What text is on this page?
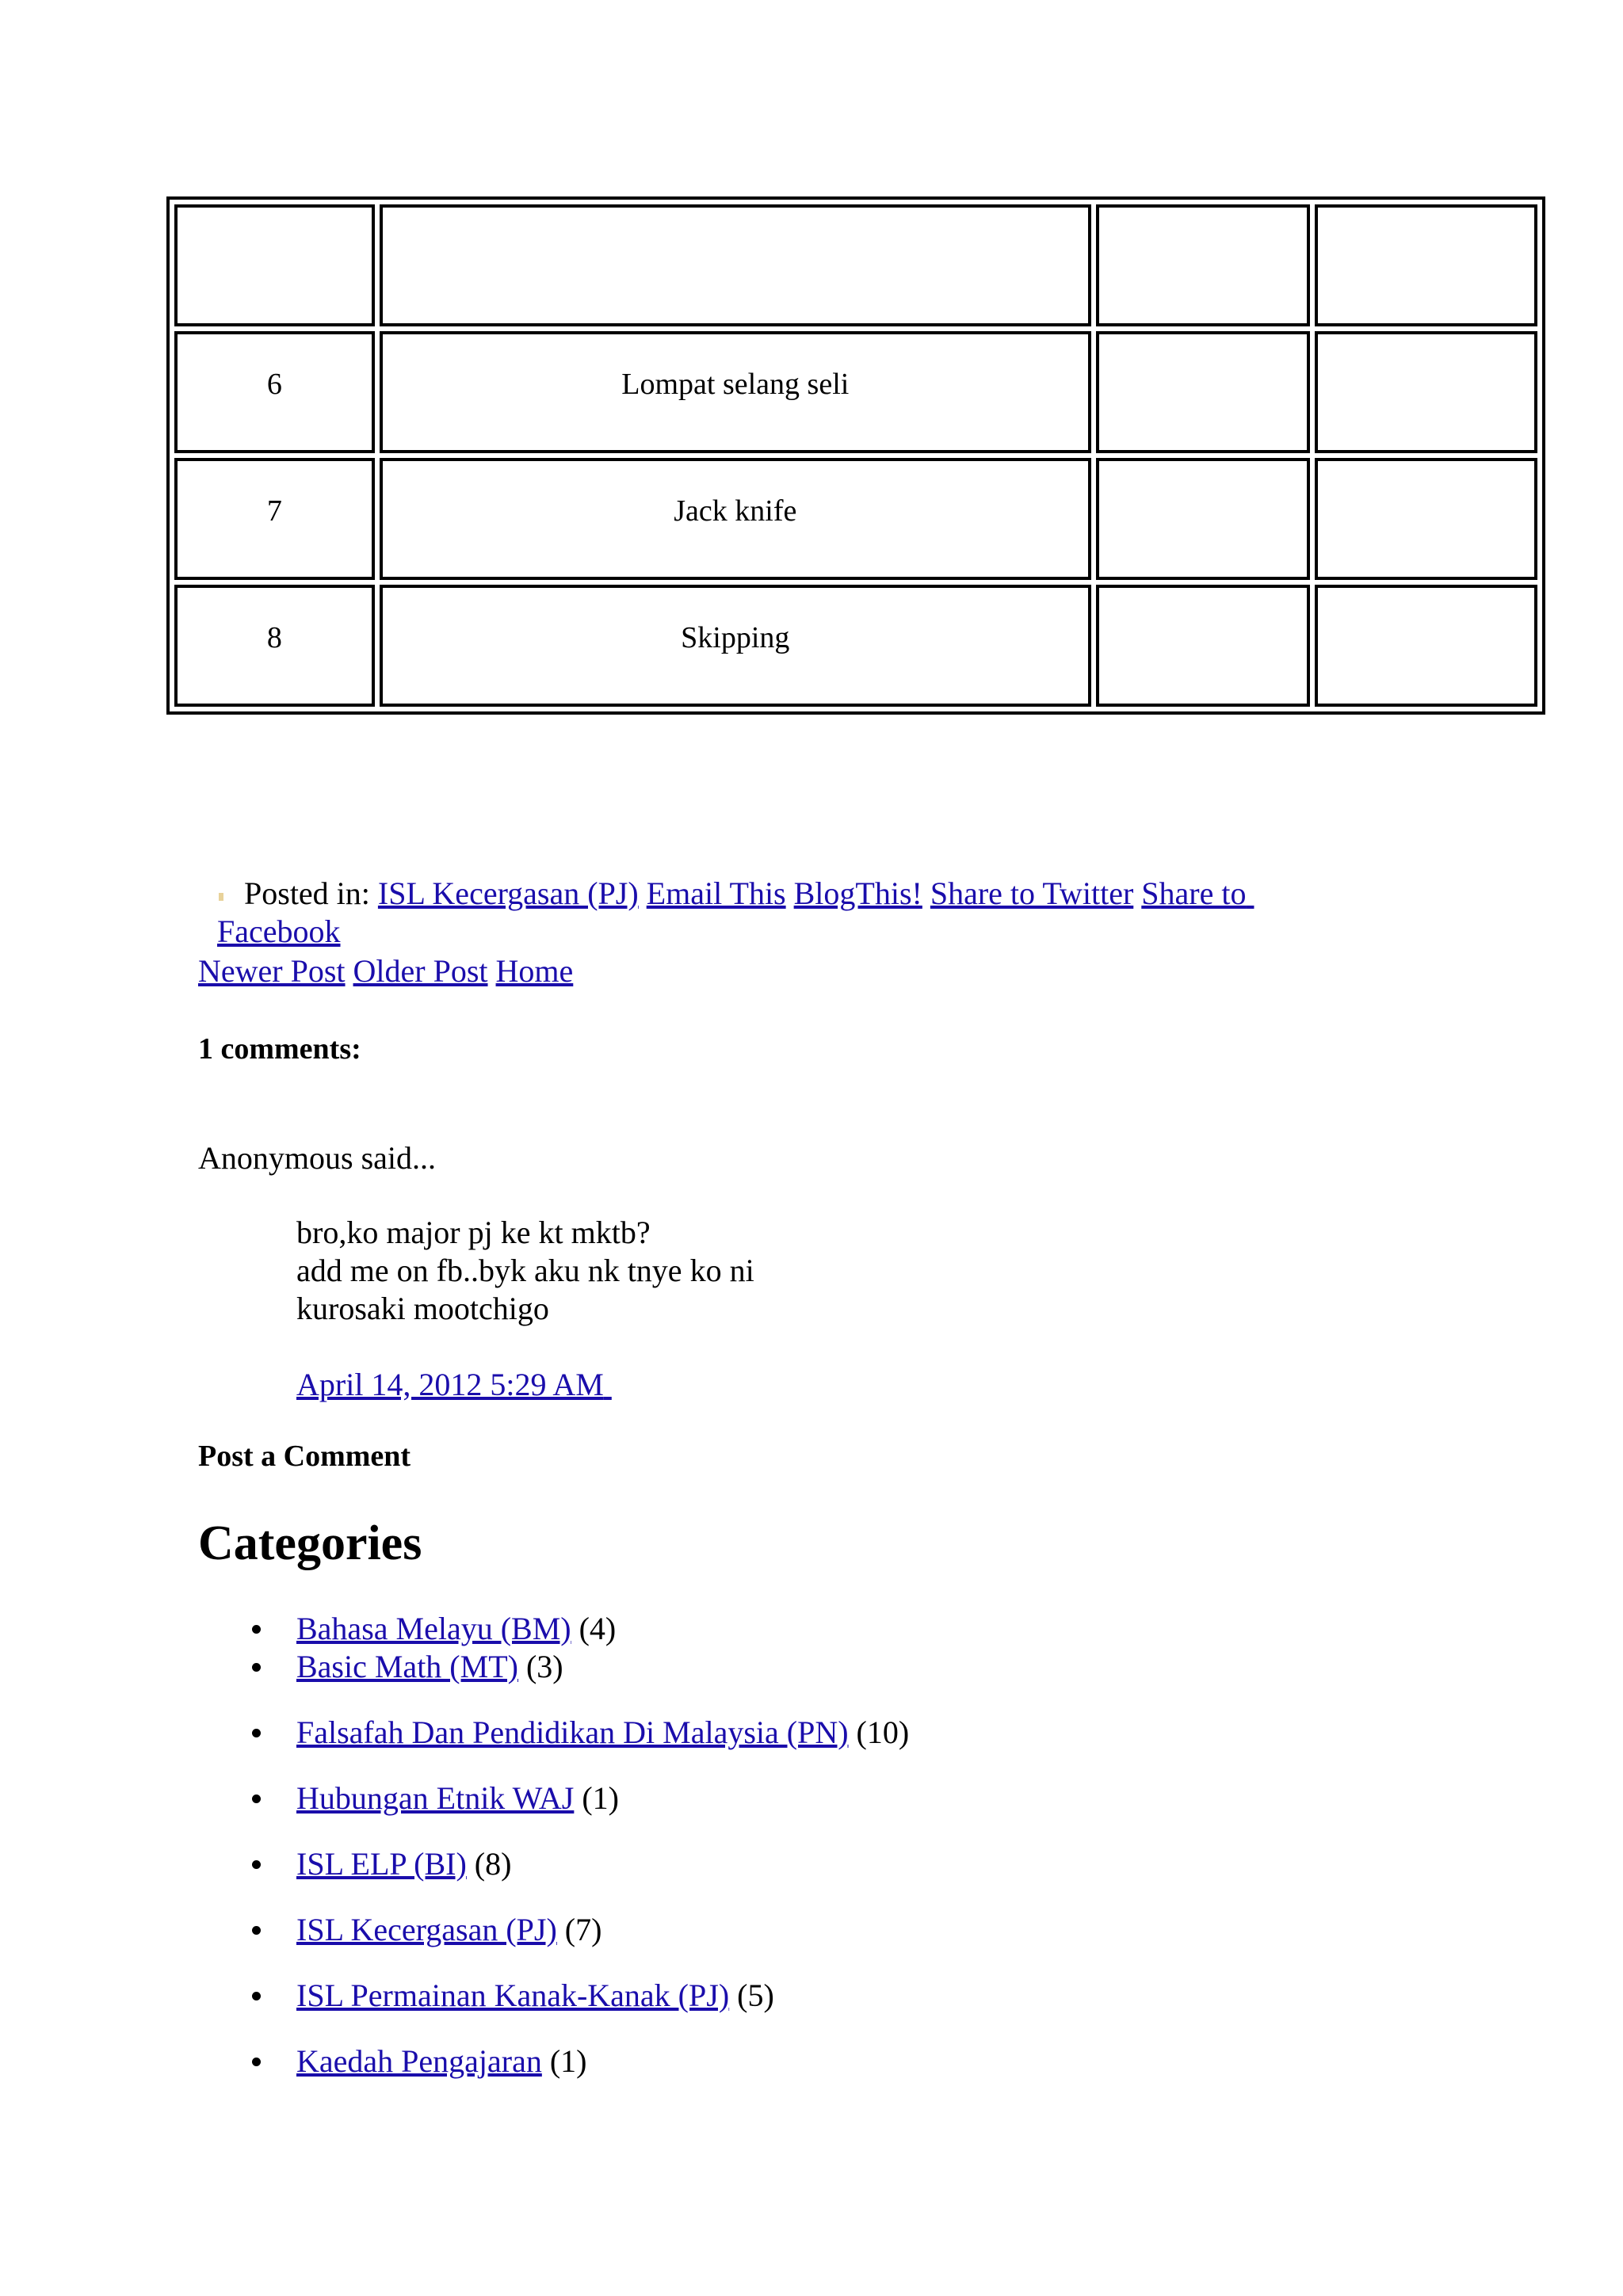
6	Lompat selang seli		
7	Jack knife		
8	Skipping		
Posted in: ISL Kecergasan (PJ) Email This BlogThis! Share to Twitter Share to
Facebook
Newer Post Older Post Home
1 comments:
Anonymous said...
bro,ko major pj ke kt mktb?
add me on fb..byk aku nk tnye ko ni
kurosaki mootchigo
April 14, 2012 5:29 AM
Post a Comment
Categories
Bahasa Melayu (BM) (4)
Basic Math (MT) (3)
Falsafah Dan Pendidikan Di Malaysia (PN) (10)
Hubungan Etnik WAJ (1)
ISL ELP (BI) (8)
ISL Kecergasan (PJ) (7)
ISL Permainan Kanak-Kanak (PJ) (5)
Kaedah Pengajaran (1)
